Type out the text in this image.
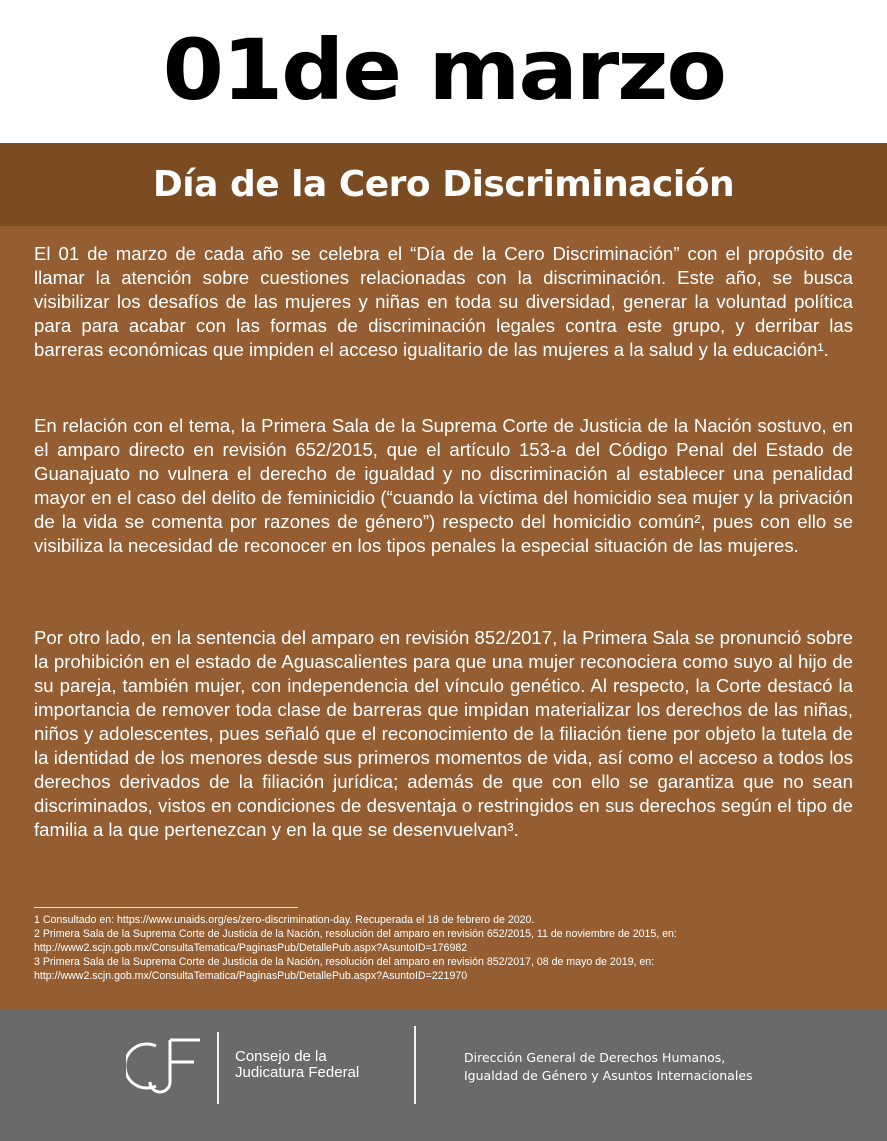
01de marzo
Día de la Cero Discriminación

El 01 de marzo de cada año se celebra el “Día de la Cero Discriminación” con el propósito de llamar la atención sobre cuestiones relacionadas con la discriminación. Este año, se busca visibilizar los desafíos de las mujeres y niñas en toda su diversidad, generar la voluntad política para para acabar con las formas de discriminación legales contra este grupo, y derribar las barreras económicas que impiden el acceso igualitario de las mujeres a la salud y la educación¹.

En relación con el tema, la Primera Sala de la Suprema Corte de Justicia de la Nación sostuvo, en el amparo directo en revisión 652/2015, que el artículo 153-a del Código Penal del Estado de Guanajuato no vulnera el derecho de igualdad y no discriminación al establecer una penalidad mayor en el caso del delito de feminicidio (“cuando la víctima del homicidio sea mujer y la privación de la vida se comenta por razones de género”) respecto del homicidio común², pues con ello se visibiliza la necesidad de reconocer en los tipos penales la especial situación de las mujeres.

Por otro lado, en la sentencia del amparo en revisión 852/2017, la Primera Sala se pronunció sobre la prohibición en el estado de Aguascalientes para que una mujer reconociera como suyo al hijo de su pareja, también mujer, con independencia del vínculo genético. Al respecto, la Corte destacó la importancia de remover toda clase de barreras que impidan materializar los derechos de las niñas, niños y adolescentes, pues señaló que el reconocimiento de la filiación tiene por objeto la tutela de la identidad de los menores desde sus primeros momentos de vida, así como el acceso a todos los derechos derivados de la filiación jurídica; además de que con ello se garantiza que no sean discriminados, vistos en condiciones de desventaja o restringidos en sus derechos según el tipo de familia a la que pertenezcan y en la que se desenvuelvan³.

1 Consultado en: https://www.unaids.org/es/zero-discrimination-day. Recuperada el 18 de febrero de 2020.

2 Primera Sala de la Suprema Corte de Justicia de la Nación, resolución del amparo en revisión 652/2015, 11 de noviembre de 2015, en:

http://www2.scjn.gob.mx/ConsultaTematica/PaginasPub/DetallePub.aspx?AsuntoID=176982

3 Primera Sala de la Suprema Corte de Justicia de la Nación, resolución del amparo en revisión 852/2017, 08 de mayo de 2019, en:

http://www2.scjn.gob.mx/ConsultaTematica/PaginasPub/DetallePub.aspx?AsuntoID=221970

Consejo de la
Judicatura Federal
Dirección General de Derechos Humanos,
Igualdad de Género y Asuntos Internacionales
